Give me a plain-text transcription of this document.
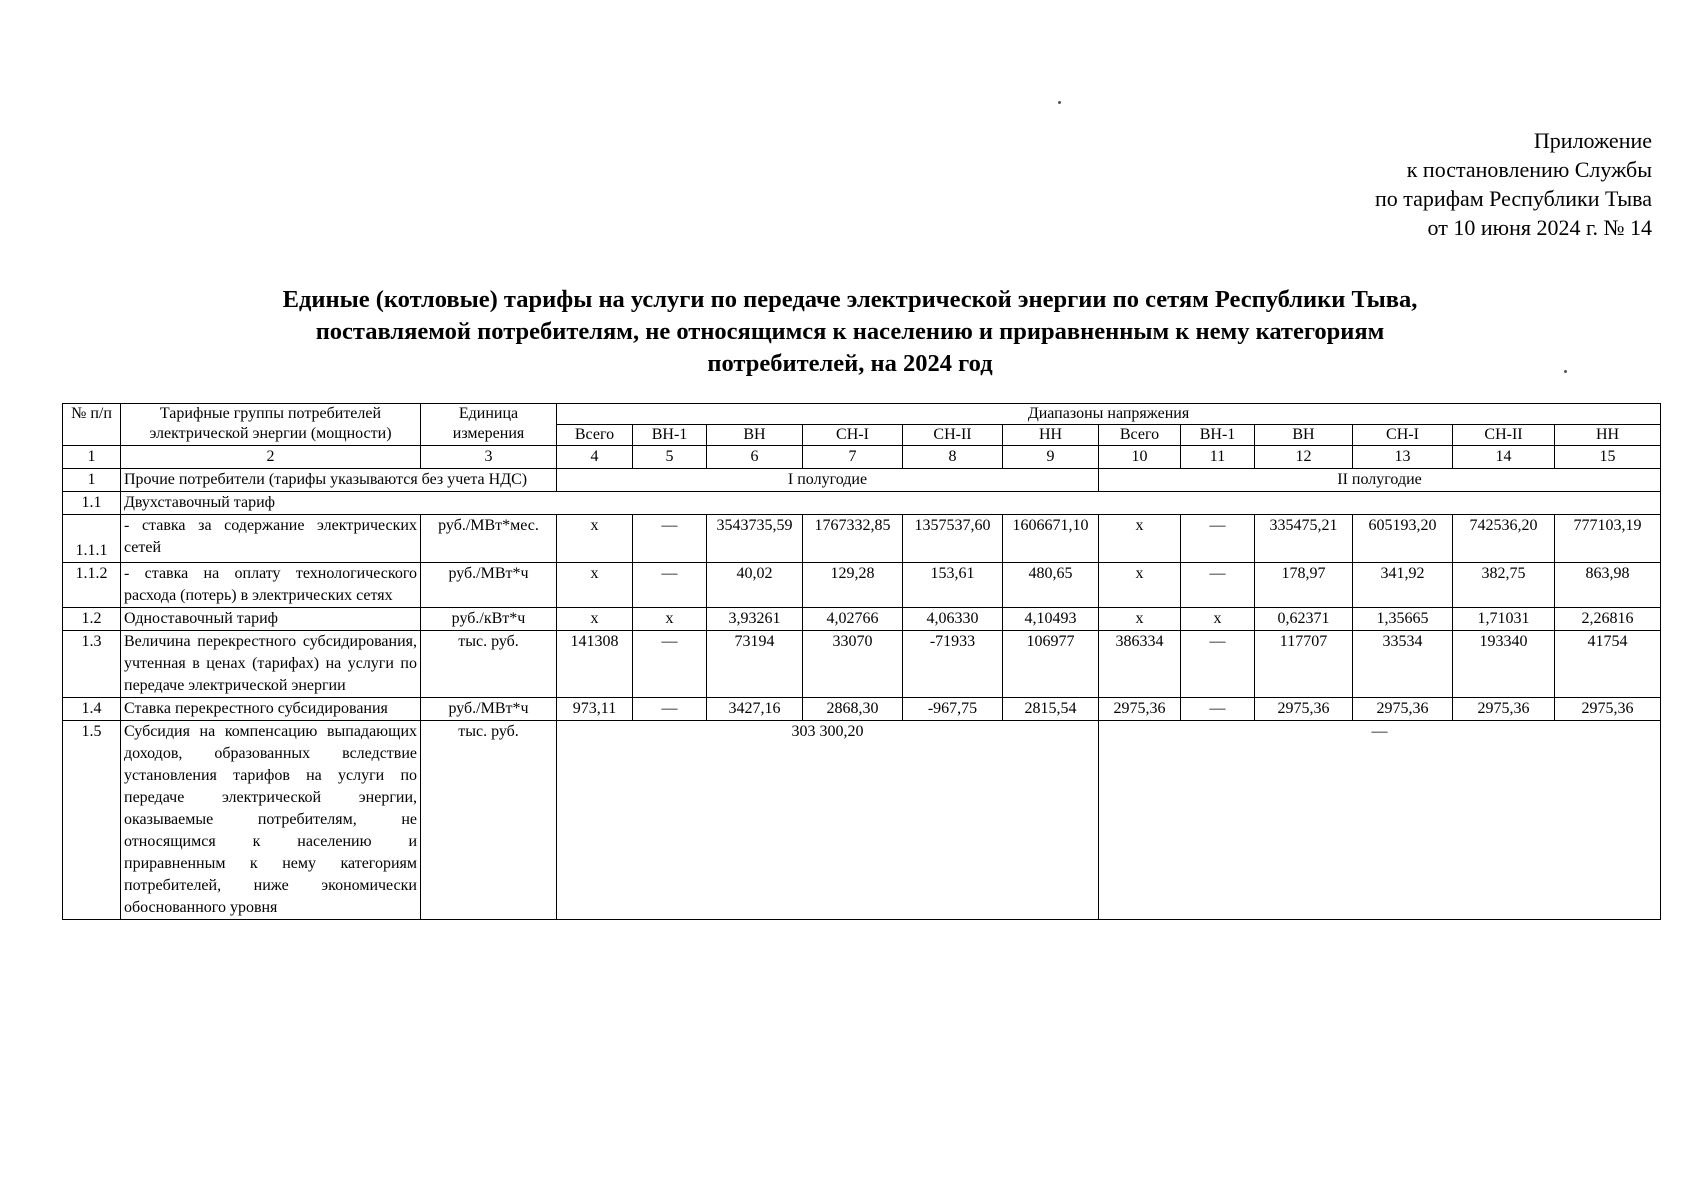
Приложение
к постановлению Службы
по тарифам Республики Тыва
от 10 июня 2024 г. № 14
Единые (котловые) тарифы на услуги по передаче электрической энергии по сетям Республики Тыва,
поставляемой потребителям, не относящимся к населению и приравненным к нему категориям
потребителей, на 2024 год
№ п/п	Тарифные группы потребителей электрической энергии (мощности)	Единица измерения	Диапазоны напряжения											
			Всего	ВН-1	ВН	СН-I	СН-II	НН	Всего	ВН-1	ВН	СН-I	СН-II	НН
1	2	3	4	5	6	7	8	9	10	11	12	13	14	15
1	Прочие потребители (тарифы указываются без учета НДС)		I полугодие						II полугодие					
1.1	Двухставочный тариф													
1.1.1	- ставка за содержание электрических сетей	руб./МВт*мес.	х	—	3543735,59	1767332,85	1357537,60	1606671,10	х	—	335475,21	605193,20	742536,20	777103,19
1.1.2	- ставка на оплату технологического расхода (потерь) в электрических сетях	руб./МВт*ч	х	—	40,02	129,28	153,61	480,65	х	—	178,97	341,92	382,75	863,98
1.2	Одноставочный тариф	руб./кВт*ч	х	х	3,93261	4,02766	4,06330	4,10493	х	х	0,62371	1,35665	1,71031	2,26816
1.3	Величина перекрестного субсидирования, учтенная в ценах (тарифах) на услуги по передаче электрической энергии	тыс. руб.	141308	—	73194	33070	-71933	106977	386334	—	117707	33534	193340	41754
1.4	Ставка перекрестного субсидирования	руб./МВт*ч	973,11	—	3427,16	2868,30	-967,75	2815,54	2975,36	—	2975,36	2975,36	2975,36	2975,36
1.5	Субсидия на компенсацию выпадающих доходов, образованных вследствие установления тарифов на услуги по передаче электрической энергии, оказываемые потребителям, не относящимся к населению и приравненным к нему категориям потребителей, ниже экономически обоснованного уровня	тыс. руб.	303 300,20						—					
